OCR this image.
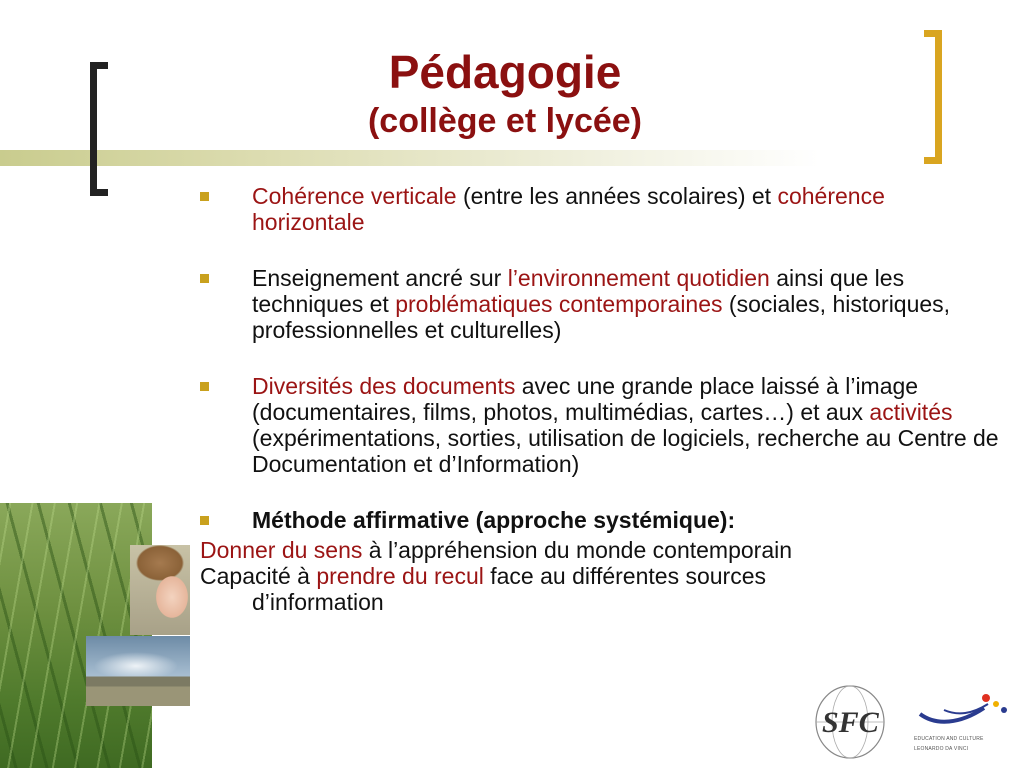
Pédagogie
(collège et lycée)
Cohérence verticale (entre les années scolaires) et cohérence horizontale
Enseignement ancré sur l’environnement quotidien ainsi que les techniques et problématiques contemporaines (sociales, historiques, professionnelles et culturelles)
Diversités des documents avec une grande place laissé à l’image (documentaires, films, photos, multimédias, cartes…) et aux activités (expérimentations, sorties, utilisation de logiciels, recherche au Centre de Documentation et d’Information)
Méthode affirmative (approche systémique):
Donner du sens à l’appréhension du monde contemporain
Capacité à prendre du recul face au différentes sources
d’information
SFC	EDUCATION AND CULTURE
LEONARDO DA VINCI
